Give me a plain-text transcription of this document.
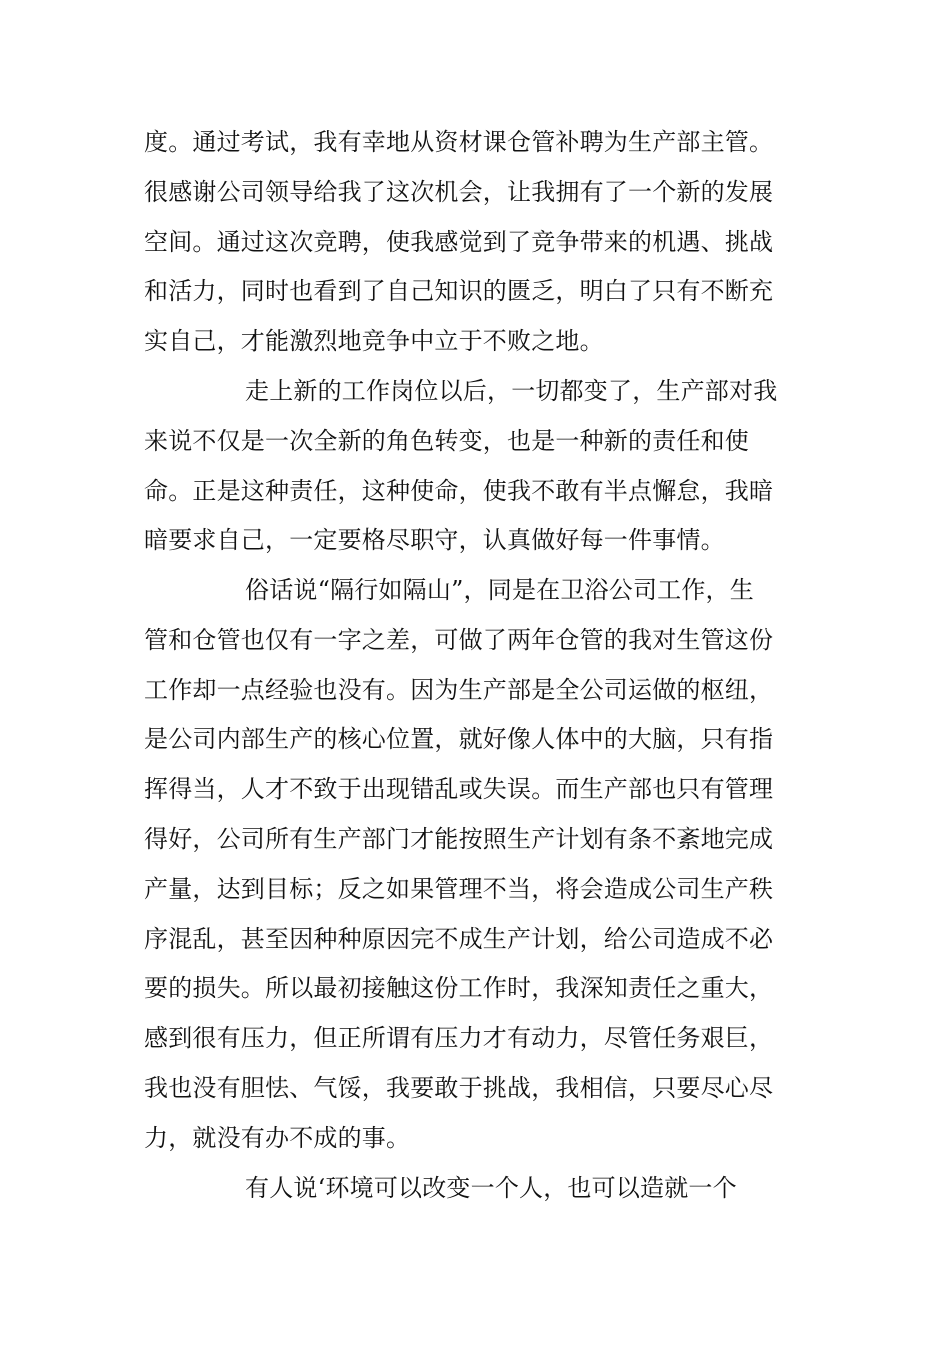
度。通过考试，我有幸地从资材课仓管补聘为生产部主管。
很感谢公司领导给我了这次机会，让我拥有了一个新的发展
空间。通过这次竞聘，使我感觉到了竞争带来的机遇、挑战
和活力，同时也看到了自己知识的匮乏，明白了只有不断充
实自己，才能激烈地竞争中立于不败之地。
走上新的工作岗位以后，一切都变了，生产部对我
来说不仅是一次全新的角色转变，也是一种新的责任和使
命。正是这种责任，这种使命，使我不敢有半点懈怠，我暗
暗要求自己，一定要格尽职守，认真做好每一件事情。
俗话说“隔行如隔山”，同是在卫浴公司工作，生
管和仓管也仅有一字之差，可做了两年仓管的我对生管这份
工作却一点经验也没有。因为生产部是全公司运做的枢纽，
是公司内部生产的核心位置，就好像人体中的大脑，只有指
挥得当，人才不致于出现错乱或失误。而生产部也只有管理
得好，公司所有生产部门才能按照生产计划有条不紊地完成
产量，达到目标；反之如果管理不当，将会造成公司生产秩
序混乱，甚至因种种原因完不成生产计划，给公司造成不必
要的损失。所以最初接触这份工作时，我深知责任之重大，
感到很有压力，但正所谓有压力才有动力，尽管任务艰巨，
我也没有胆怯、气馁，我要敢于挑战，我相信，只要尽心尽
力，就没有办不成的事。
有人说‘环境可以改变一个人，也可以造就一个
